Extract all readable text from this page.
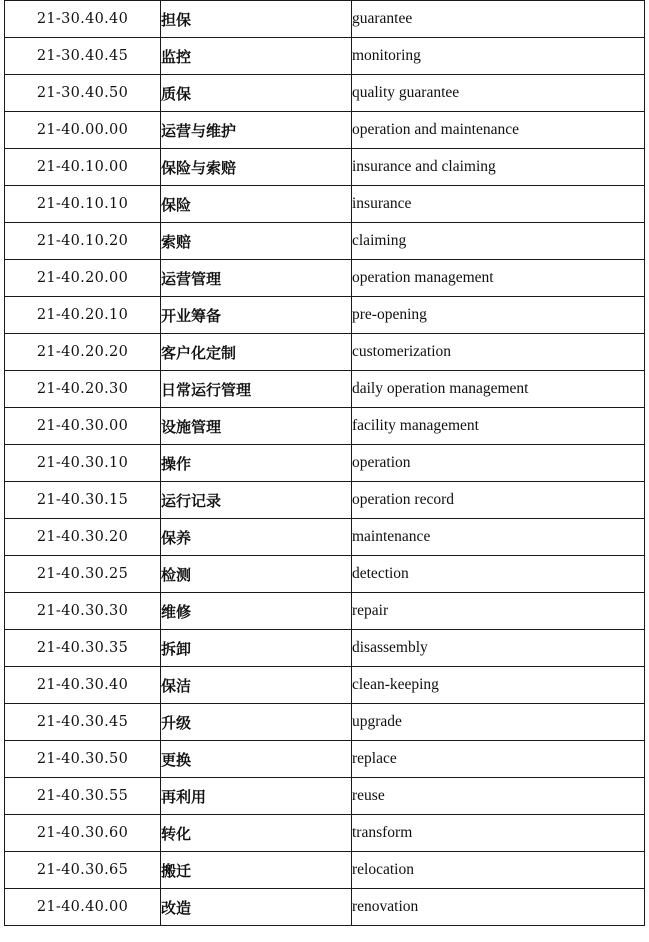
21-30.40.40	担保	guarantee
21-30.40.45	监控	monitoring
21-30.40.50	质保	quality guarantee
21-40.00.00	运营与维护	operation and maintenance
21-40.10.00	保险与索赔	insurance and claiming
21-40.10.10	保险	insurance
21-40.10.20	索赔	claiming
21-40.20.00	运营管理	operation management
21-40.20.10	开业筹备	pre-opening
21-40.20.20	客户化定制	customerization
21-40.20.30	日常运行管理	daily operation management
21-40.30.00	设施管理	facility management
21-40.30.10	操作	operation
21-40.30.15	运行记录	operation record
21-40.30.20	保养	maintenance
21-40.30.25	检测	detection
21-40.30.30	维修	repair
21-40.30.35	拆卸	disassembly
21-40.30.40	保洁	clean-keeping
21-40.30.45	升级	upgrade
21-40.30.50	更换	replace
21-40.30.55	再利用	reuse
21-40.30.60	转化	transform
21-40.30.65	搬迁	relocation
21-40.40.00	改造	renovation
